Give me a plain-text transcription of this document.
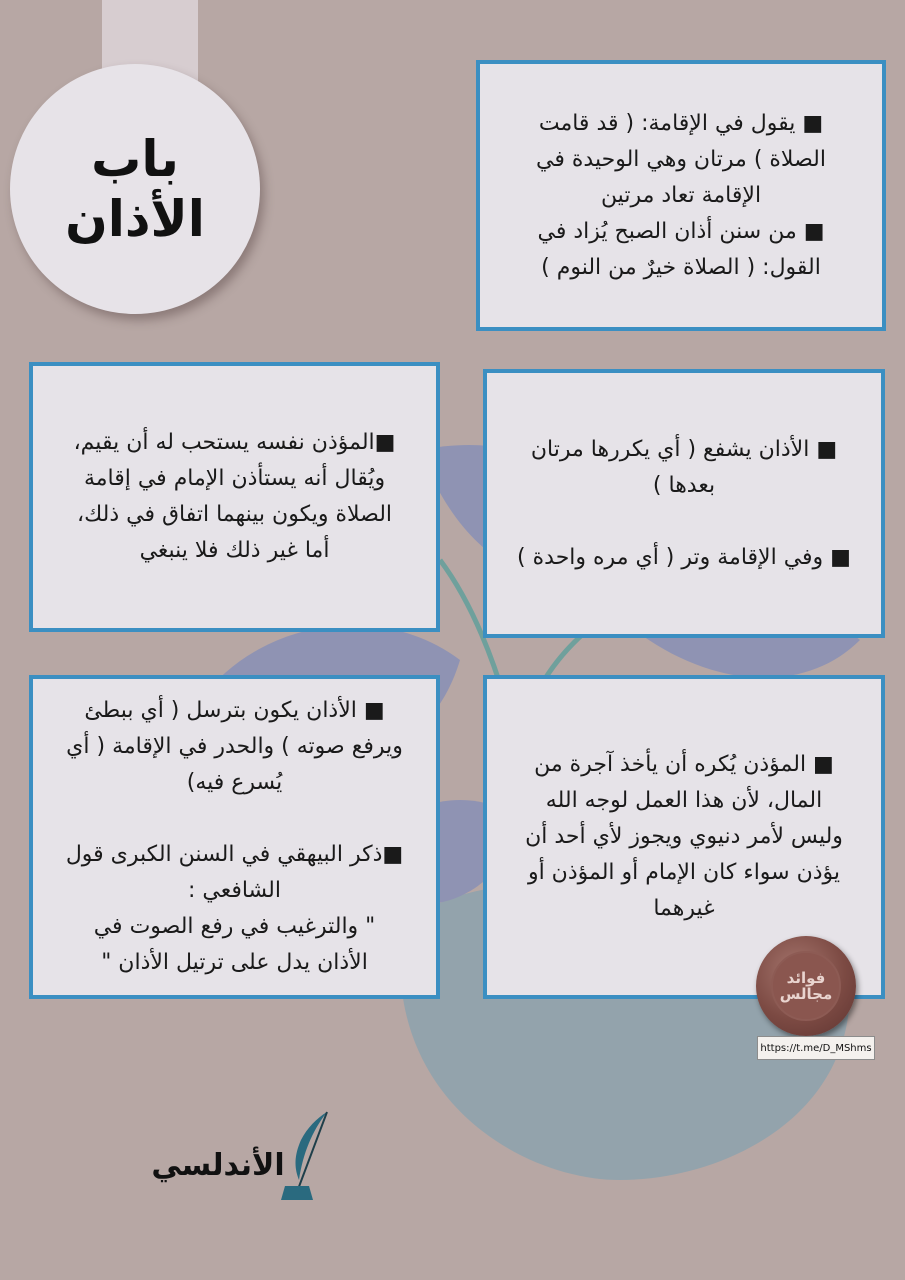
باب
الأذان

■ يقول في الإقامة: ( قد قامت

الصلاة ) مرتان وهي الوحيدة في

الإقامة تعاد مرتين

■ من سنن أذان الصبح يُزاد في

القول: ( الصلاة خيرٌ من النوم )

■ الأذان يشفع ( أي يكررها مرتان

بعدها )

■ وفي الإقامة وتر ( أي مره واحدة )

■المؤذن نفسه يستحب له أن يقيم،

ويُقال أنه يستأذن الإمام في إقامة

الصلاة ويكون بينهما اتفاق في ذلك،

أما غير ذلك فلا ينبغي

■ الأذان يكون بترسل ( أي ببطئ

ويرفع صوته ) والحدر في الإقامة ( أي

يُسرع فيه)

■ذكر البيهقي في السنن الكبرى قول

الشافعي :

" والترغيب في رفع الصوت في

الأذان يدل على ترتيل الأذان "

■ المؤذن يُكره أن يأخذ آجرة من

المال، لأن هذا العمل لوجه الله

وليس لأمر دنيوي ويجوز لأي أحد أن

يؤذن سواء كان الإمام أو المؤذن أو

غيرهما

فوائد
مجالس
https://t.me/D_MShms
الأندلسي
